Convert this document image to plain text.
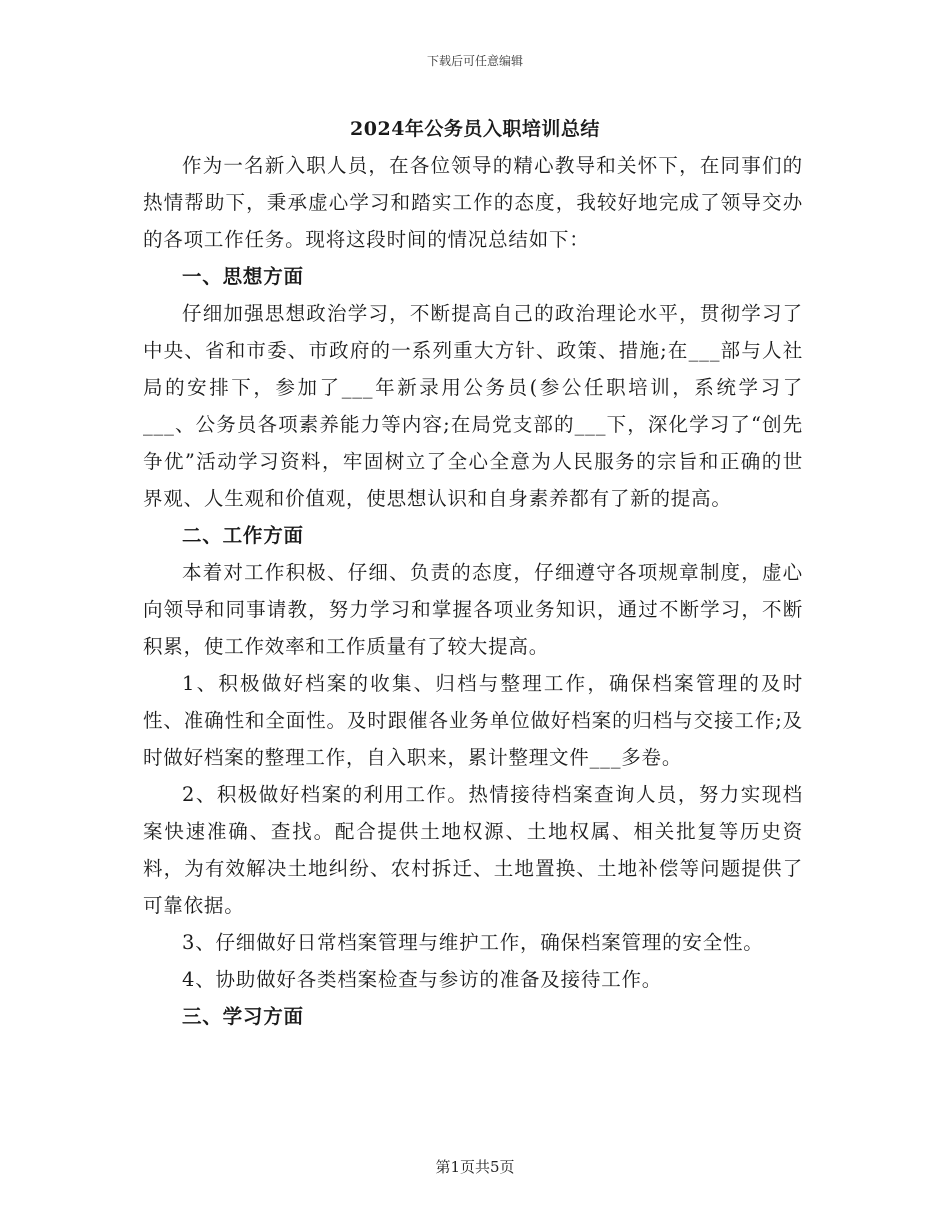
下载后可任意编辑
2024年公务员入职培训总结

作为一名新入职人员，在各位领导的精心教导和关怀下，在同事们的热情帮助下，秉承虚心学习和踏实工作的态度，我较好地完成了领导交办的各项工作任务。现将这段时间的情况总结如下：

一、思想方面

仔细加强思想政治学习，不断提高自己的政治理论水平，贯彻学习了中央、省和市委、市政府的一系列重大方针、政策、措施;在___部与人社局的安排下，参加了___年新录用公务员(参公任职培训，系统学习了___、公务员各项素养能力等内容;在局党支部的___下，深化学习了“创先争优”活动学习资料，牢固树立了全心全意为人民服务的宗旨和正确的世界观、人生观和价值观，使思想认识和自身素养都有了新的提高。

二、工作方面

本着对工作积极、仔细、负责的态度，仔细遵守各项规章制度，虚心向领导和同事请教，努力学习和掌握各项业务知识，通过不断学习，不断积累，使工作效率和工作质量有了较大提高。

1、积极做好档案的收集、归档与整理工作，确保档案管理的及时性、准确性和全面性。及时跟催各业务单位做好档案的归档与交接工作;及时做好档案的整理工作，自入职来，累计整理文件___多卷。

2、积极做好档案的利用工作。热情接待档案查询人员，努力实现档案快速准确、查找。配合提供土地权源、土地权属、相关批复等历史资料，为有效解决土地纠纷、农村拆迁、土地置换、土地补偿等问题提供了可靠依据。

3、仔细做好日常档案管理与维护工作，确保档案管理的安全性。

4、协助做好各类档案检查与参访的准备及接待工作。

三、学习方面

第1页共5页
